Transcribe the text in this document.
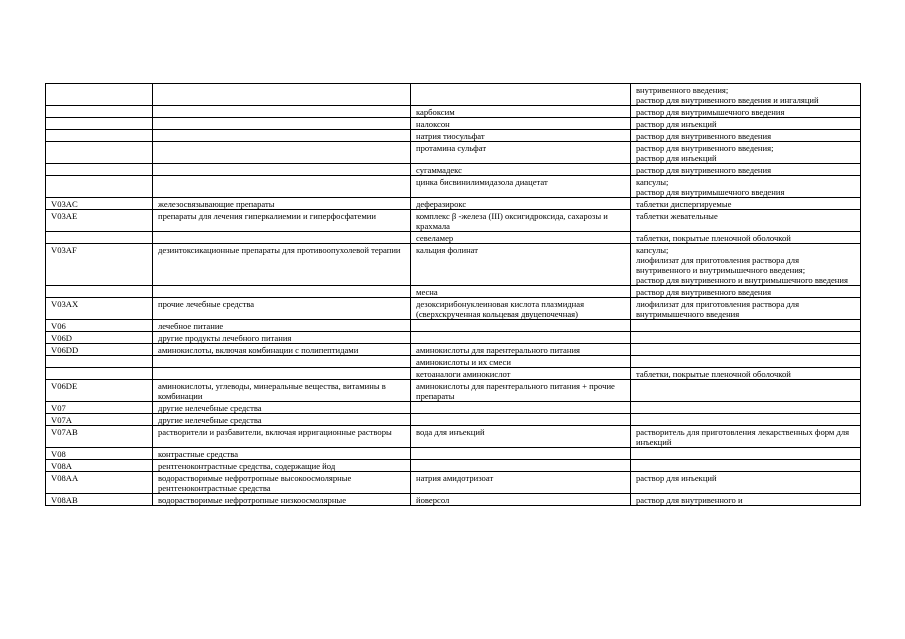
			внутривенного введения;
раствор для внутривенного введения и ингаляций
		карбоксим	раствор для внутримышечного введения
		налоксон	раствор для инъекций
		натрия тиосульфат	раствор для внутривенного введения
		протамина сульфат	раствор для внутривенного введения;
раствор для инъекций
		сугаммадекс	раствор для внутривенного введения
		цинка бисвинилимидазола диацетат	капсулы;
раствор для внутримышечного введения
V03AC	железосвязывающие препараты	деферазирокс	таблетки диспергируемые
V03AE	препараты для лечения гиперкалиемии и гиперфосфатемии	комплекс β -железа (III) оксигидроксида, сахарозы и крахмала	таблетки жевательные
		севеламер	таблетки, покрытые пленочной оболочкой
V03AF	дезинтоксикационные препараты для противоопухолевой терапии	кальция фолинат	капсулы;
лиофилизат для приготовления раствора для внутривенного и внутримышечного введения;
раствор для внутривенного и внутримышечного введения
		месна	раствор для внутривенного введения
V03AX	прочие лечебные средства	дезоксирибонуклеиновая кислота плазмидная (сверхскрученная кольцевая двуцепочечная)	лиофилизат для приготовления раствора для внутримышечного введения
V06	лечебное питание		
V06D	другие продукты лечебного питания		
V06DD	аминокислоты, включая комбинации с полипептидами	аминокислоты для парентерального питания	
		аминокислоты и их смеси	
		кетоаналоги аминокислот	таблетки, покрытые пленочной оболочкой
V06DE	аминокислоты, углеводы, минеральные вещества, витамины в комбинации	аминокислоты для парентерального питания + прочие препараты	
V07	другие нелечебные средства		
V07A	другие нелечебные средства		
V07AB	растворители и разбавители, включая ирригационные растворы	вода для инъекций	растворитель для приготовления лекарственных форм для инъекций
V08	контрастные средства		
V08A	рентгеноконтрастные средства, содержащие йод		
V08AA	водорастворимые нефротропные высокоосмолярные рентгеноконтрастные средства	натрия амидотризоат	раствор для инъекций
V08AB	водорастворимые нефротропные низкоосмолярные	йоверсол	раствор для внутривенного и
